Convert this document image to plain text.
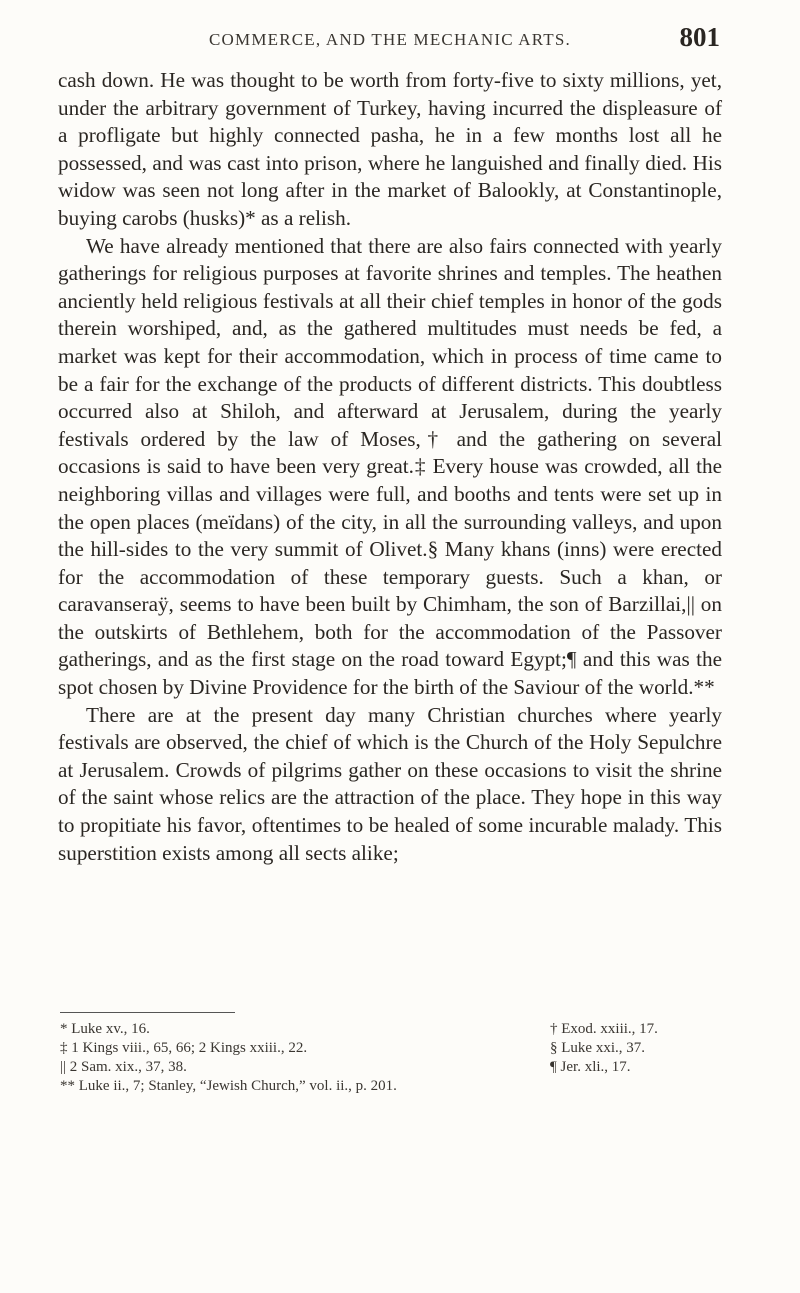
COMMERCE, AND THE MECHANIC ARTS.	801

cash down. He was thought to be worth from forty-five to sixty millions, yet, under the arbitrary government of Turkey, having incurred the displeasure of a profligate but highly connected pasha, he in a few months lost all he possessed, and was cast into prison, where he languished and finally died. His widow was seen not long after in the market of Balookly, at Constantinople, buying carobs (husks)* as a relish.

We have already mentioned that there are also fairs connected with yearly gatherings for religious purposes at favorite shrines and temples. The heathen anciently held religious festivals at all their chief temples in honor of the gods therein worshiped, and, as the gathered multitudes must needs be fed, a market was kept for their accommodation, which in process of time came to be a fair for the exchange of the products of different districts. This doubtless occurred also at Shiloh, and afterward at Jerusalem, during the yearly festivals ordered by the law of Moses,† and the gathering on several occasions is said to have been very great.‡ Every house was crowded, all the neighboring villas and villages were full, and booths and tents were set up in the open places (meïdans) of the city, in all the surrounding valleys, and upon the hill-sides to the very summit of Olivet.§ Many khans (inns) were erected for the accommodation of these temporary guests. Such a khan, or caravanseraÿ, seems to have been built by Chimham, the son of Barzillai,|| on the outskirts of Bethlehem, both for the accommodation of the Passover gatherings, and as the first stage on the road toward Egypt;¶ and this was the spot chosen by Divine Providence for the birth of the Saviour of the world.**

There are at the present day many Christian churches where yearly festivals are observed, the chief of which is the Church of the Holy Sepulchre at Jerusalem. Crowds of pilgrims gather on these occasions to visit the shrine of the saint whose relics are the attraction of the place. They hope in this way to propitiate his favor, oftentimes to be healed of some incurable malady. This superstition exists among all sects alike;

* Luke xv., 16.	† Exod. xxiii., 17.
‡ 1 Kings viii., 65, 66; 2 Kings xxiii., 22.	§ Luke xxi., 37.
|| 2 Sam. xix., 37, 38.	¶ Jer. xli., 17.
** Luke ii., 7; Stanley, “Jewish Church,” vol. ii., p. 201.
